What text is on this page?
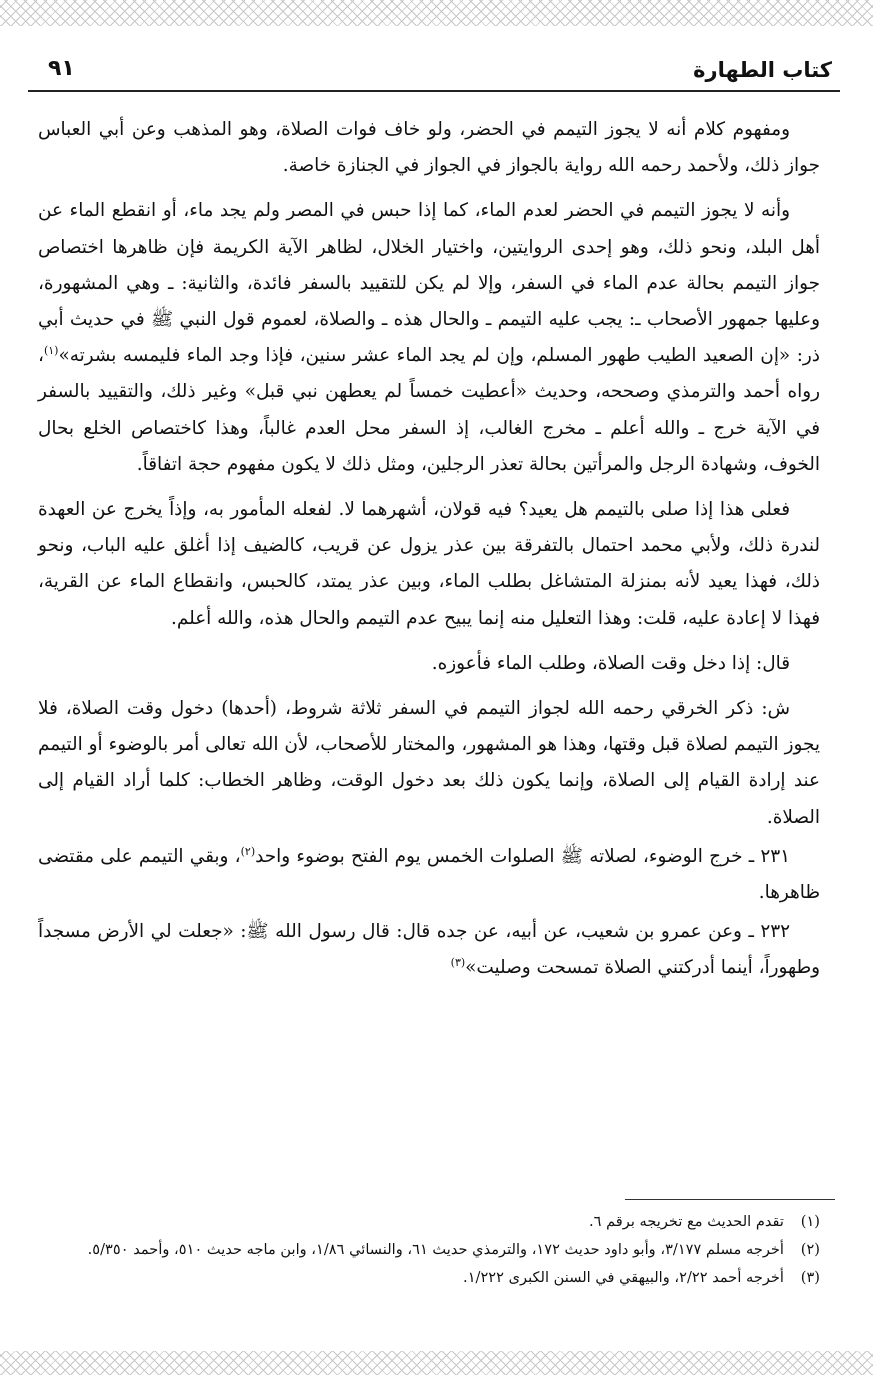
كتاب الطهارة
٩١

ومفهوم كلام أنه لا يجوز التيمم في الحضر، ولو خاف فوات الصلاة، وهو المذهب وعن أبي العباس جواز ذلك، ولأحمد رحمه الله رواية بالجواز في الجواز في الجنازة خاصة.

وأنه لا يجوز التيمم في الحضر لعدم الماء، كما إذا حبس في المصر ولم يجد ماء، أو انقطع الماء عن أهل البلد، ونحو ذلك، وهو إحدى الروايتين، واختيار الخلال، لظاهر الآية الكريمة فإن ظاهرها اختصاص جواز التيمم بحالة عدم الماء في السفر، وإلا لم يكن للتقييد بالسفر فائدة، والثانية: ـ وهي المشهورة، وعليها جمهور الأصحاب ـ: يجب عليه التيمم ـ والحال هذه ـ والصلاة، لعموم قول النبي ﷺ في حديث أبي ذر: «إن الصعيد الطيب طهور المسلم، وإن لم يجد الماء عشر سنين، فإذا وجد الماء فليمسه بشرته»$^{(١)}$، رواه أحمد والترمذي وصححه، وحديث «أعطيت خمساً لم يعطهن نبي قبل» وغير ذلك، والتقييد بالسفر في الآية خرج ـ والله أعلم ـ مخرج الغالب، إذ السفر محل العدم غالباً، وهذا كاختصاص الخلع بحال الخوف، وشهادة الرجل والمرأتين بحالة تعذر الرجلين، ومثل ذلك لا يكون مفهوم حجة اتفاقاً.

فعلى هذا إذا صلى بالتيمم هل يعيد؟ فيه قولان، أشهرهما لا. لفعله المأمور به، وإذاً يخرج عن العهدة لندرة ذلك، ولأبي محمد احتمال بالتفرقة بين عذر يزول عن قريب، كالضيف إذا أغلق عليه الباب، ونحو ذلك، فهذا يعيد لأنه بمنزلة المتشاغل بطلب الماء، وبين عذر يمتد، كالحبس، وانقطاع الماء عن القرية، فهذا لا إعادة عليه، قلت: وهذا التعليل منه إنما يبيح عدم التيمم والحال هذه، والله أعلم.

قال: إذا دخل وقت الصلاة، وطلب الماء فأعوزه.

ش: ذكر الخرقي رحمه الله لجواز التيمم في السفر ثلاثة شروط، (أحدها) دخول وقت الصلاة، فلا يجوز التيمم لصلاة قبل وقتها، وهذا هو المشهور، والمختار للأصحاب، لأن الله تعالى أمر بالوضوء أو التيمم عند إرادة القيام إلى الصلاة، وإنما يكون ذلك بعد دخول الوقت، وظاهر الخطاب: كلما أراد القيام إلى الصلاة.

٢٣١ ـ خرج الوضوء، لصلاته ﷺ الصلوات الخمس يوم الفتح بوضوء واحد$^{(٢)}$، وبقي التيمم على مقتضى ظاهرها.

٢٣٢ ـ وعن عمرو بن شعيب، عن أبيه، عن جده قال: قال رسول الله ﷺ: «جعلت لي الأرض مسجداً وطهوراً، أينما أدركتني الصلاة تمسحت وصليت»$^{(٣)}$

(١)
تقدم الحديث مع تخريجه برقم ٦.
(٢)
أخرجه مسلم ٣/١٧٧، وأبو داود حديث ١٧٢، والترمذي حديث ٦١، والنسائي ١/٨٦، وابن ماجه حديث ٥١٠، وأحمد ٥/٣٥٠.
(٣)
أخرجه أحمد ٢/٢٢، والبيهقي في السنن الكبرى ١/٢٢٢.
